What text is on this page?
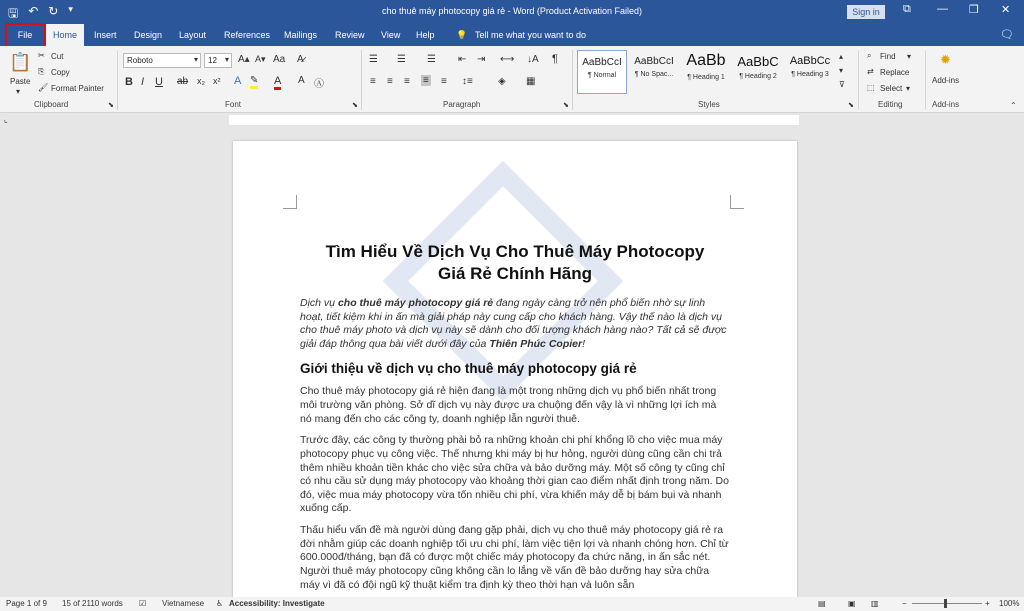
🖫 ↶ ↻ ▾	cho thuê máy photocopy giá rẻ - Word (Product Activation Failed)	Sign in	⧉ — ❐ ✕
File	Home	Insert Design Layout References Mailings Review View Help 💡 Tell me what you want to do	🗨
📋
Paste
▾
✂ Cut
⎘ Copy
🖌 Format Painter
Clipboard	⬊
Roboto	▾	12	▾ A▴ A▾ Aa A̷
B I U ab x₂ x² A ✎ A A Ⓐ
Font	⬊
☰ ☰ ☰ ⇤ ⇥ ⟷ ↓A ¶
≡ ≡ ≡ ≡ ≡ ↕≡	◈ ▦
Paragraph	⬊
AaBbCcI
¶ Normal
AaBbCcI
¶ No Spac...
AaBb
¶ Heading 1
AaBbC
¶ Heading 2
AaBbCc
¶ Heading 3
▴
▾
⊽
Styles	⬊
⌕ Find ▾
⇄ Replace
⬚ Select ▾
Editing
✹
Add-ins
Add-ins	⌃
⌞
Tìm Hiểu Về Dịch Vụ Cho Thuê Máy Photocopy
Giá Rẻ Chính Hãng

Dịch vụ cho thuê máy photocopy giá rẻ đang ngày càng trở nên phổ biến nhờ sự linh hoạt, tiết kiệm khi in ấn mà giải pháp này cung cấp cho khách hàng. Vậy thế nào là dịch vụ cho thuê máy photo và dịch vụ này sẽ dành cho đối tượng khách hàng nào? Tất cả sẽ được giải đáp thông qua bài viết dưới đây của Thiên Phúc Copier!

Giới thiệu về dịch vụ cho thuê máy photocopy giá rẻ

Cho thuê máy photocopy giá rẻ hiện đang là một trong những dịch vụ phổ biến nhất trong môi trường văn phòng. Sở dĩ dịch vụ này được ưa chuộng đến vậy là vì những lợi ích mà nó mang đến cho các công ty, doanh nghiệp lẫn người thuê.

Trước đây, các công ty thường phải bỏ ra những khoản chi phí khổng lồ cho việc mua máy photocopy phục vụ công việc. Thế nhưng khi máy bị hư hỏng, người dùng cũng cần chi trả thêm nhiều khoản tiền khác cho việc sửa chữa và bảo dưỡng máy. Một số công ty cũng chỉ có nhu cầu sử dụng máy photocopy vào khoảng thời gian cao điểm nhất định trong năm. Do đó, việc mua máy photocopy vừa tốn nhiều chi phí, vừa khiến máy dễ bị bám bụi và nhanh xuống cấp.

Thấu hiểu vấn đề mà người dùng đang gặp phải, dịch vụ cho thuê máy photocopy giá rẻ ra đời nhằm giúp các doanh nghiệp tối ưu chi phí, làm việc tiện lợi và nhanh chóng hơn. Chỉ từ 600.000đ/tháng, bạn đã có được một chiếc máy photocopy đa chức năng, in ấn sắc nét. Người thuê máy photocopy cũng không cần lo lắng về vấn đề bảo dưỡng hay sửa chữa máy vì đã có đội ngũ kỹ thuật kiểm tra định kỳ theo thời hạn và luôn sẵn

Page 1 of 9 15 of 2110 words ☑ Vietnamese ♿ Accessibility: Investigate	▤	▣ ▥	−	+ 100%
